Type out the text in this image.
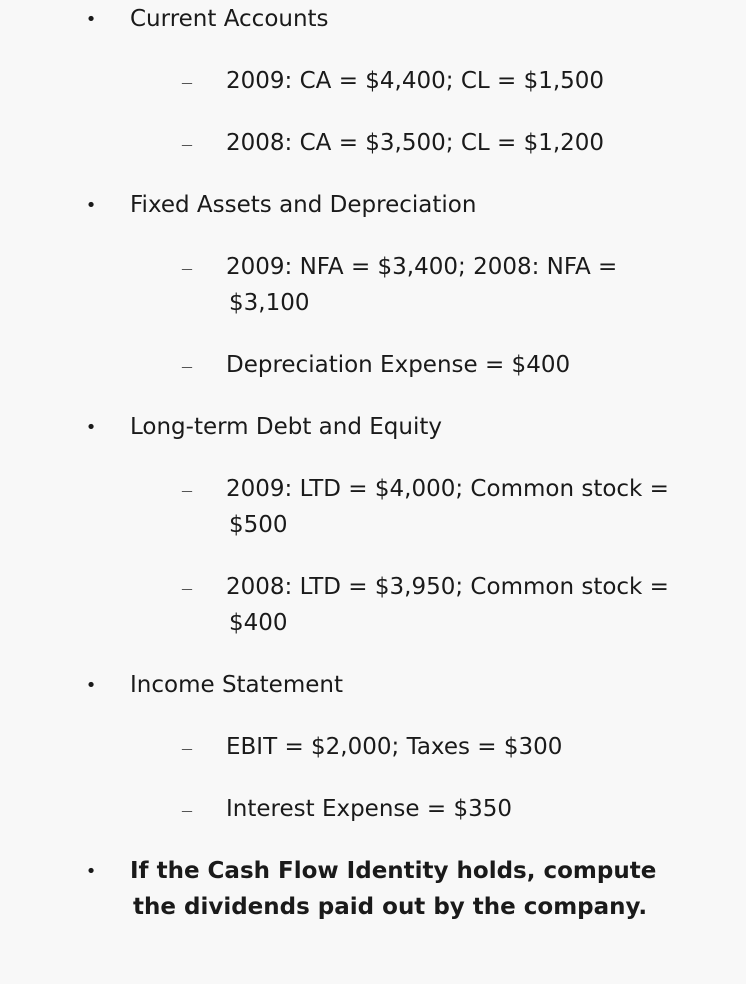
• Current Accounts

– 2009: CA = $4,400; CL = $1,500

– 2008: CA = $3,500; CL = $1,200

• Fixed Assets and Depreciation

– 2009: NFA = $3,400; 2008: NFA =
$3,100

– Depreciation Expense = $400

• Long-term Debt and Equity

– 2009: LTD = $4,000; Common stock =
$500

– 2008: LTD = $3,950; Common stock =
$400

• Income Statement

– EBIT = $2,000; Taxes = $300

– Interest Expense = $350

• If the Cash Flow Identity holds, compute
the dividends paid out by the company.
